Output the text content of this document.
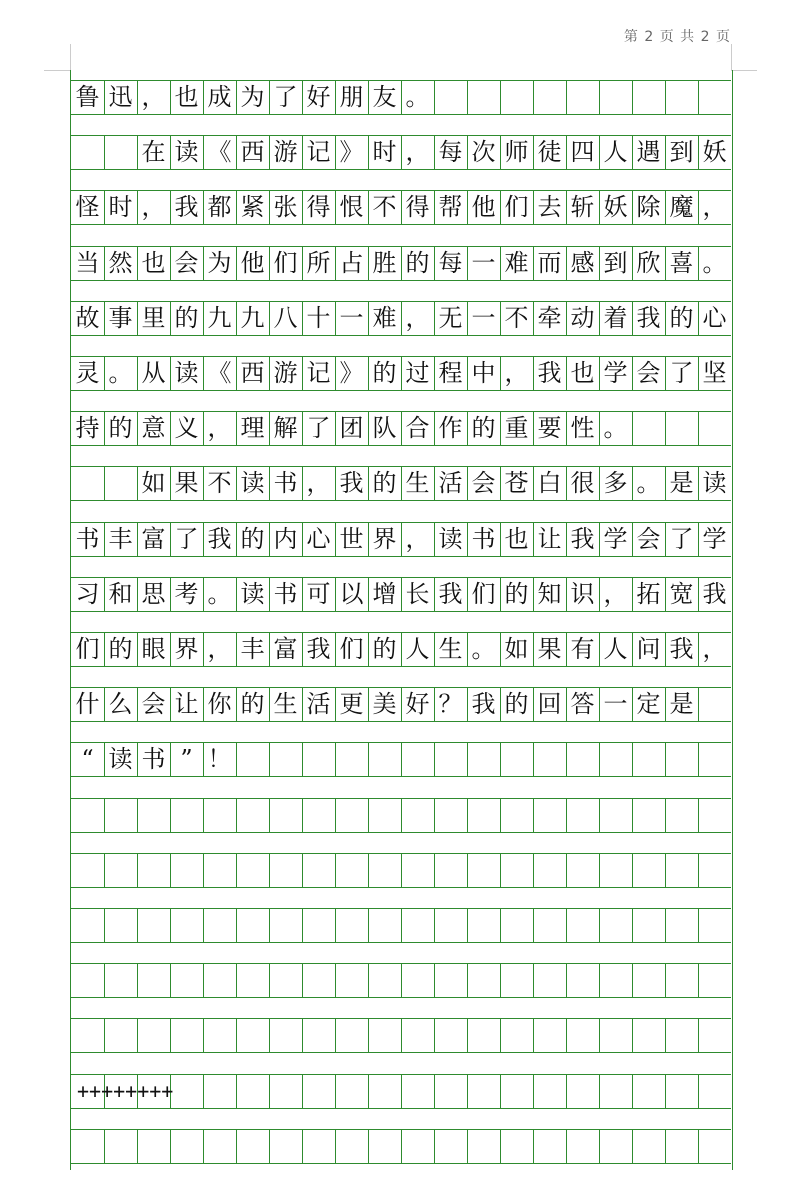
第 2 页 共 2 页
鲁 迅 ， 也 成 为 了 好 朋 友 。
　　在 读 《 西 游 记 》 时 ， 每 次 师 徒 四 人 遇 到 妖
怪 时 ， 我 都 紧 张 得 恨 不 得 帮 他 们 去 斩 妖 除 魔 ，
当 然 也 会 为 他 们 所 占 胜 的 每 一 难 而 感 到 欣 喜 。
故 事 里 的 九 九 八 十 一 难 ， 无 一 不 牵 动 着 我 的 心
灵 。 从 读 《 西 游 记 》 的 过 程 中 ， 我 也 学 会 了 坚
持 的 意 义 ， 理 解 了 团 队 合 作 的 重 要 性 。
　　如 果 不 读 书 ， 我 的 生 活 会 苍 白 很 多 。 是 读
书 丰 富 了 我 的 内 心 世 界 ， 读 书 也 让 我 学 会 了 学
习 和 思 考 。 读 书 可 以 增 长 我 们 的 知 识 ， 拓 宽 我
们 的 眼 界 ， 丰 富 我 们 的 人 生 。 如 果 有 人 问 我 ，
什 么 会 让 你 的 生 活 更 美 好 ？ 我 的 回 答 一 定 是
“ 读 书 ” ！
++++++++
